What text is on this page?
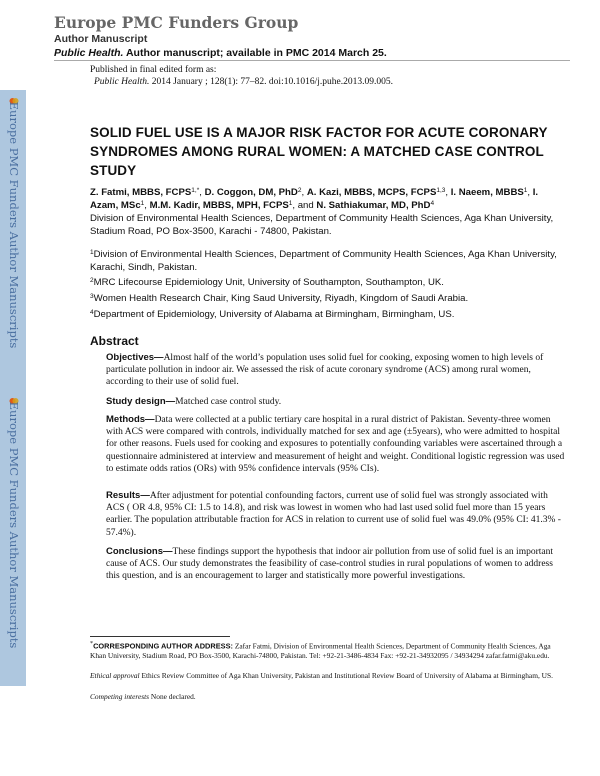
Europe PMC Funders Group
Author Manuscript
Public Health. Author manuscript; available in PMC 2014 March 25.
Published in final edited form as:
Public Health. 2014 January ; 128(1): 77–82. doi:10.1016/j.puhe.2013.09.005.
Europe PMC Funders Author Manuscripts
Europe PMC Funders Author Manuscripts
SOLID FUEL USE IS A MAJOR RISK FACTOR FOR ACUTE CORONARY SYNDROMES AMONG RURAL WOMEN: A MATCHED CASE CONTROL STUDY
Z. Fatmi, MBBS, $FCPS^{1,*}$, D. Coggon, DM, PhD$^2$, A. Kazi, MBBS, MCPS, FCPS$^{1,3}$, I. Naeem, MBBS$^1$, I. Azam, MSc$^1$, M.M. Kadir, MBBS, MPH, FCPS$^1$, and N. Sathiakumar, MD, PhD$^4$
Division of Environmental Health Sciences, Department of Community Health Sciences, Aga Khan University, Stadium Road, PO Box-3500, Karachi - 74800, Pakistan.
$^1$Division of Environmental Health Sciences, Department of Community Health Sciences, Aga Khan University, Karachi, Sindh, Pakistan.
$^2$MRC Lifecourse Epidemiology Unit, University of Southampton, Southampton, UK.
$^3$Women Health Research Chair, King Saud University, Riyadh, Kingdom of Saudi Arabia.
$^4$Department of Epidemiology, University of Alabama at Birmingham, Birmingham, US.
Abstract
Objectives—Almost half of the world’s population uses solid fuel for cooking, exposing women to high levels of particulate pollution in indoor air. We assessed the risk of acute coronary syndrome (ACS) among rural women, according to their use of solid fuel.
Study design—Matched case control study.
Methods—Data were collected at a public tertiary care hospital in a rural district of Pakistan. Seventy-three women with ACS were compared with controls, individually matched for sex and age (±5years), who were admitted to hospital for other reasons. Fuels used for cooking and exposures to potentially confounding variables were ascertained through a questionnaire administered at interview and measurement of height and weight. Conditional logistic regression was used to estimate odds ratios (ORs) with 95% confidence intervals (95% CIs).
Results—After adjustment for potential confounding factors, current use of solid fuel was strongly associated with ACS ( OR 4.8, 95% CI: 1.5 to 14.8), and risk was lowest in women who had last used solid fuel more than 15 years earlier. The population attributable fraction for ACS in relation to current use of solid fuel was 49.0% (95% CI: 41.3% - 57.4%).
Conclusions—These findings support the hypothesis that indoor air pollution from use of solid fuel is an important cause of ACS. Our study demonstrates the feasibility of case-control studies in rural populations of women to address this question, and is an encouragement to larger and statistically more powerful investigations.
*CORRESPONDING AUTHOR ADDRESS: Zafar Fatmi, Division of Environmental Health Sciences, Department of Community Health Sciences, Aga Khan University, Stadium Road, PO Box-3500, Karachi-74800, Pakistan. Tel: +92-21-3486-4834 Fax: +92-21-34932095 / 34934294 zafar.fatmi@aku.edu.
Ethical approval Ethics Review Committee of Aga Khan University, Pakistan and Institutional Review Board of University of Alabama at Birmingham, US.
Competing interests None declared.
